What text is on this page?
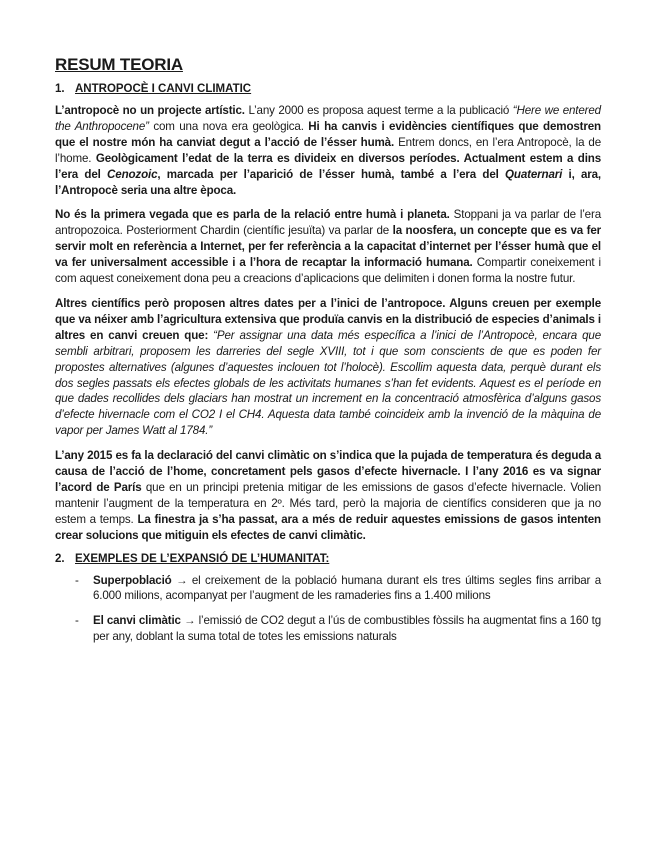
RESUM TEORIA
1. ANTROPOCÈ I CANVI CLIMATIC

L’antropocè no un projecte artístic. L’any 2000 es proposa aquest terme a la publicació “Here we entered the Anthropocene” com una nova era geològica. Hi ha canvis i evidències científiques que demostren que el nostre món ha canviat degut a l’acció de l’ésser humà. Entrem doncs, en l’era Antropocè, la de l’home. Geològicament l’edat de la terra es divideix en diversos períodes. Actualment estem a dins l’era del Cenozoic, marcada per l’aparició de l’ésser humà, també a l’era del Quaternari i, ara, l’Antropocè seria una altre època.

No és la primera vegada que es parla de la relació entre humà i planeta. Stoppani ja va parlar de l’era antropozoica. Posteriorment Chardin (científic jesuïta) va parlar de la noosfera, un concepte que es va fer servir molt en referència a Internet, per fer referència a la capacitat d’internet per l’ésser humà que el va fer universalment accessible i a l’hora de recaptar la informació humana. Compartir coneixement i com aquest coneixement dona peu a creacions d’aplicacions que delimiten i donen forma la nostre futur.

Altres científics però proposen altres dates per a l’inici de l’antropoce. Alguns creuen per exemple que va néixer amb l’agricultura extensiva que produïa canvis en la distribució de especies d’animals i altres en canvi creuen que: “Per assignar una data més específica a l’inici de l’Antropocè, encara que sembli arbitrari, proposem les darreries del segle XVIII, tot i que som conscients de que es poden fer propostes alternatives (algunes d’aquestes inclouen tot l’holocè). Escollim aquesta data, perquè durant els dos segles passats els efectes globals de les activitats humanes s’han fet evidents. Aquest es el període en que dades recollides dels glaciars han mostrat un increment en la concentració atmosfèrica d’alguns gasos d’efecte hivernacle com el CO2 I el CH4. Aquesta data també coincideix amb la invenció de la màquina de vapor per James Watt al 1784.”

L’any 2015 es fa la declaració del canvi climàtic on s’indica que la pujada de temperatura és deguda a causa de l’acció de l’home, concretament pels gasos d’efecte hivernacle. I l’any 2016 es va signar l’acord de París que en un principi pretenia mitigar de les emissions de gasos d’efecte hivernacle. Volien mantenir l’augment de la temperatura en 2º. Més tard, però la majoria de científics consideren que ja no estem a temps. La finestra ja s’ha passat, ara a més de reduir aquestes emissions de gasos intenten crear solucions que mitiguin els efectes de canvi climàtic.

2. EXEMPLES DE L’EXPANSIÓ DE L’HUMANITAT:
- Superpoblació → el creixement de la població humana durant els tres últims segles fins arribar a 6.000 milions, acompanyat per l’augment de les ramaderies fins a 1.400 milions
- El canvi climàtic → l’emissió de CO2 degut a l’ús de combustibles fòssils ha augmentat fins a 160 tg per any, doblant la suma total de totes les emissions naturals
